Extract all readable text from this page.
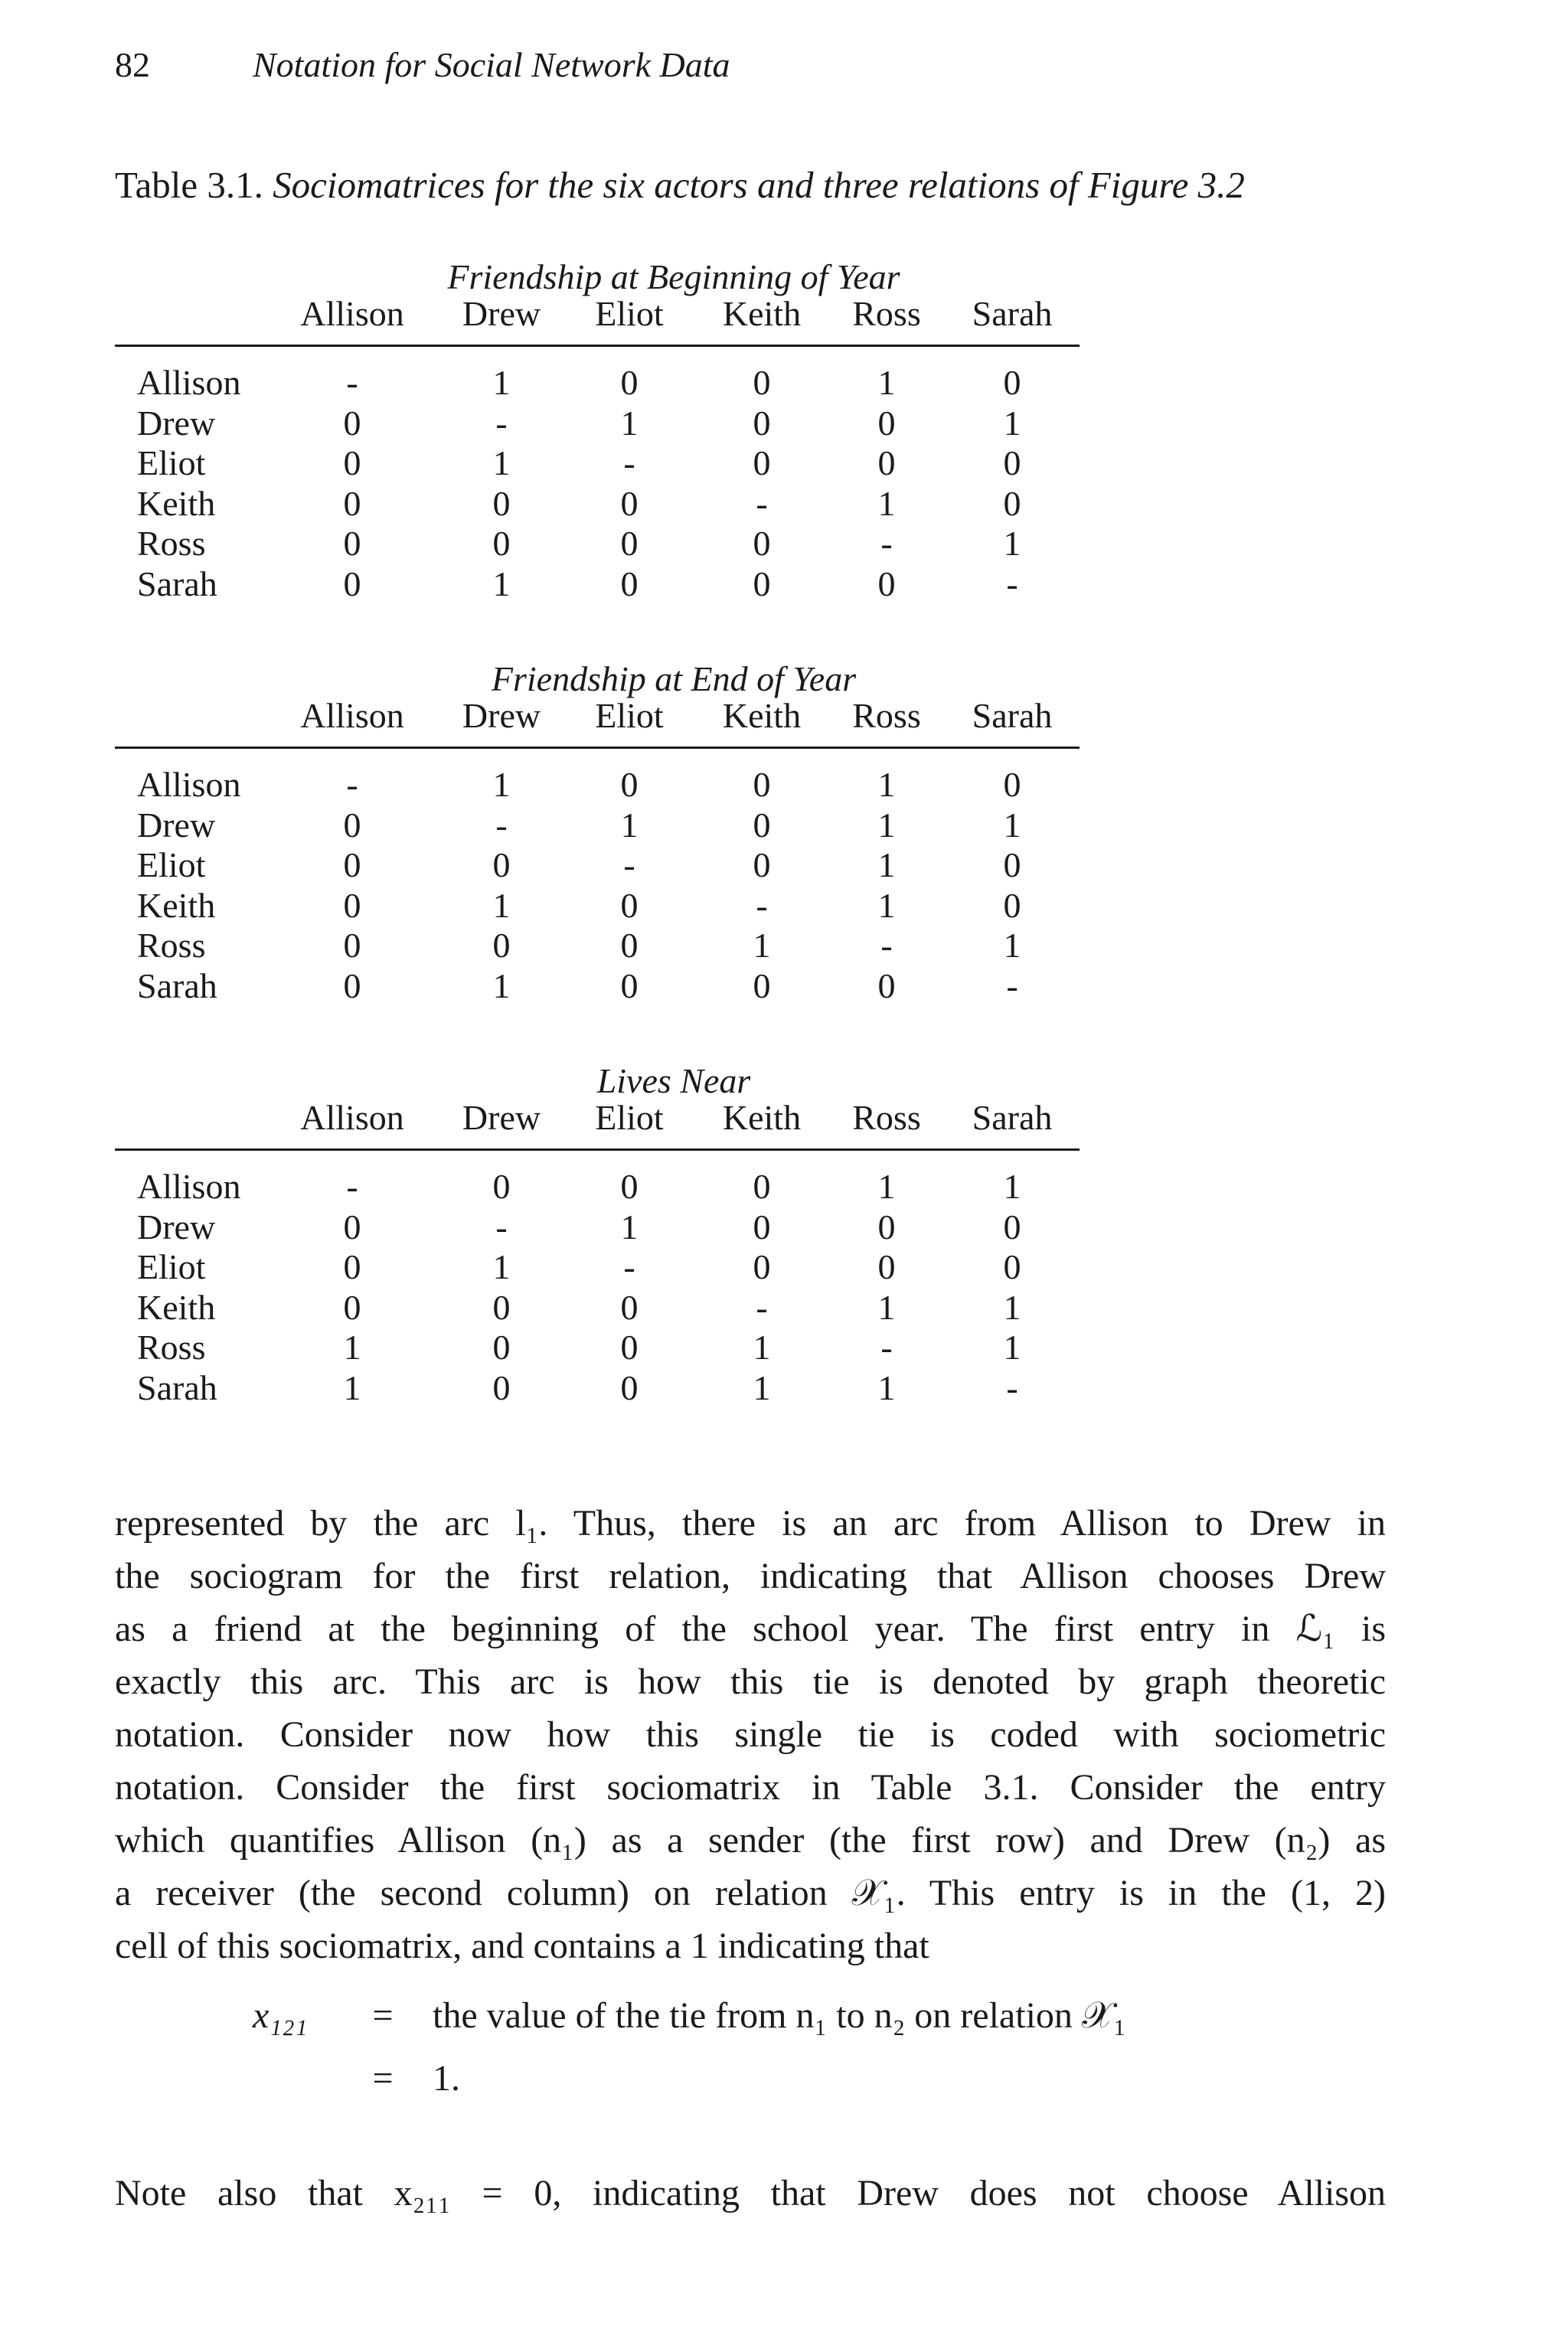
82	Notation for Social Network Data
Table 3.1. Sociomatrices for the six actors and three relations of Figure 3.2
Friendship at Beginning of Year
Allison	Drew	Eliot	Keith	Ross	Sarah
Allison	-	1	0	0	1	0
Drew	0	-	1	0	0	1
Eliot	0	1	-	0	0	0
Keith	0	0	0	-	1	0
Ross	0	0	0	0	-	1
Sarah	0	1	0	0	0	-
Friendship at End of Year
Allison	Drew	Eliot	Keith	Ross	Sarah
Allison	-	1	0	0	1	0
Drew	0	-	1	0	1	1
Eliot	0	0	-	0	1	0
Keith	0	1	0	-	1	0
Ross	0	0	0	1	-	1
Sarah	0	1	0	0	0	-
Lives Near
Allison	Drew	Eliot	Keith	Ross	Sarah
Allison	-	0	0	0	1	1
Drew	0	-	1	0	0	0
Eliot	0	1	-	0	0	0
Keith	0	0	0	-	1	1
Ross	1	0	0	1	-	1
Sarah	1	0	0	1	1	-
represented by the arc l₁. Thus, there is an arc from Allison to Drew in
the sociogram for the first relation, indicating that Allison chooses Drew
as a friend at the beginning of the school year. The first entry in ℒ₁ is
exactly this arc. This arc is how this tie is denoted by graph theoretic
notation. Consider now how this single tie is coded with sociometric
notation. Consider the first sociomatrix in Table 3.1. Consider the entry
which quantifies Allison (n₁) as a sender (the first row) and Drew (n₂) as
a receiver (the second column) on relation 𝒳₁. This entry is in the (1, 2)
cell of this sociomatrix, and contains a 1 indicating that
x₁₂₁	=	the value of the tie from n₁ to n₂ on relation 𝒳₁
=	1.
Note also that x₂₁₁ = 0, indicating that Drew does not choose Allison
